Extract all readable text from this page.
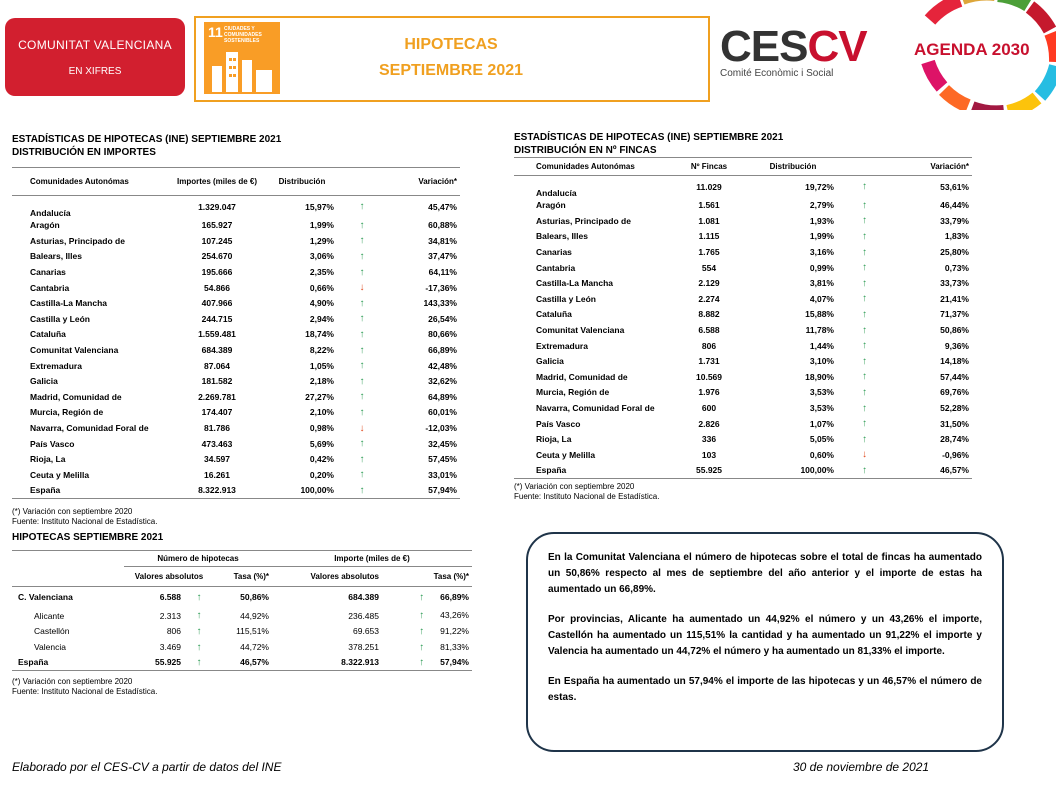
COMUNITAT VALENCIANA
EN XIFRES
11 CIUDADES Y COMUNIDADES SOSTENIBLES	HIPOTECAS
SEPTIEMBRE 2021	CESCV
Comité Econòmic i Social
AGENDA 2030
ESTADÍSTICAS DE HIPOTECAS (INE) SEPTIEMBRE 2021
DISTRIBUCIÓN EN IMPORTES
Comunidades Autonómas	Importes (miles de €)	Distribución		Variación*
Andalucía	1.329.047	15,97%	↑	45,47%
Aragón	165.927	1,99%	↑	60,88%
Asturias, Principado de	107.245	1,29%	↑	34,81%
Balears, Illes	254.670	3,06%	↑	37,47%
Canarias	195.666	2,35%	↑	64,11%
Cantabria	54.866	0,66%	↓	-17,36%
Castilla-La Mancha	407.966	4,90%	↑	143,33%
Castilla y León	244.715	2,94%	↑	26,54%
Cataluña	1.559.481	18,74%	↑	80,66%
Comunitat Valenciana	684.389	8,22%	↑	66,89%
Extremadura	87.064	1,05%	↑	42,48%
Galicia	181.582	2,18%	↑	32,62%
Madrid, Comunidad de	2.269.781	27,27%	↑	64,89%
Murcia, Región de	174.407	2,10%	↑	60,01%
Navarra, Comunidad Foral de	81.786	0,98%	↓	-12,03%
País Vasco	473.463	5,69%	↑	32,45%
Rioja, La	34.597	0,42%	↑	57,45%
Ceuta y Melilla	16.261	0,20%	↑	33,01%
España	8.322.913	100,00%	↑	57,94%
(*) Variación con septiembre 2020
Fuente: Instituto Nacional de Estadística.
ESTADÍSTICAS DE HIPOTECAS (INE) SEPTIEMBRE 2021
DISTRIBUCIÓN EN Nº FINCAS
Comunidades Autonómas	Nº Fincas	Distribución		Variación*
Andalucía	11.029	19,72%	↑	53,61%
Aragón	1.561	2,79%	↑	46,44%
Asturias, Principado de	1.081	1,93%	↑	33,79%
Balears, Illes	1.115	1,99%	↑	1,83%
Canarias	1.765	3,16%	↑	25,80%
Cantabria	554	0,99%	↑	0,73%
Castilla-La Mancha	2.129	3,81%	↑	33,73%
Castilla y León	2.274	4,07%	↑	21,41%
Cataluña	8.882	15,88%	↑	71,37%
Comunitat Valenciana	6.588	11,78%	↑	50,86%
Extremadura	806	1,44%	↑	9,36%
Galicia	1.731	3,10%	↑	14,18%
Madrid, Comunidad de	10.569	18,90%	↑	57,44%
Murcia, Región de	1.976	3,53%	↑	69,76%
Navarra, Comunidad Foral de	600	3,53%	↑	52,28%
País Vasco	2.826	1,07%	↑	31,50%
Rioja, La	336	5,05%	↑	28,74%
Ceuta y Melilla	103	0,60%	↓	-0,96%
España	55.925	100,00%	↑	46,57%
(*) Variación con septiembre 2020
Fuente: Instituto Nacional de Estadística.
HIPOTECAS SEPTIEMBRE 2021
	Número de hipotecas			Importe (miles de €)	
	Valores absolutos		Tasa (%)*	Valores absolutos	Tasa (%)*
C. Valenciana	6.588	↑	50,86%	684.389	↑ 66,89%
Alicante	2.313	↑	44,92%	236.485	↑ 43,26%
Castellón	806	↑	115,51%	69.653	↑ 91,22%
Valencia	3.469	↑	44,72%	378.251	↑ 81,33%
España	55.925	↑	46,57%	8.322.913	↑ 57,94%
(*) Variación con septiembre 2020
Fuente: Instituto Nacional de Estadística.

En la Comunitat Valenciana el número de hipotecas sobre el total de fincas ha aumentado un 50,86% respecto al mes de septiembre del año anterior y el importe de estas ha aumentado un 66,89%.

Por provincias, Alicante ha aumentado un 44,92% el número y un 43,26% el importe, Castellón ha aumentado un 115,51% la cantidad y ha aumentado un 91,22% el importe y Valencia ha aumentado un 44,72% el número y ha aumentado un 81,33% el importe.

En España ha aumentado un 57,94% el importe de las hipotecas y un 46,57% el número de estas.

Elaborado por el CES-CV a partir de datos del INE	30 de noviembre de 2021
